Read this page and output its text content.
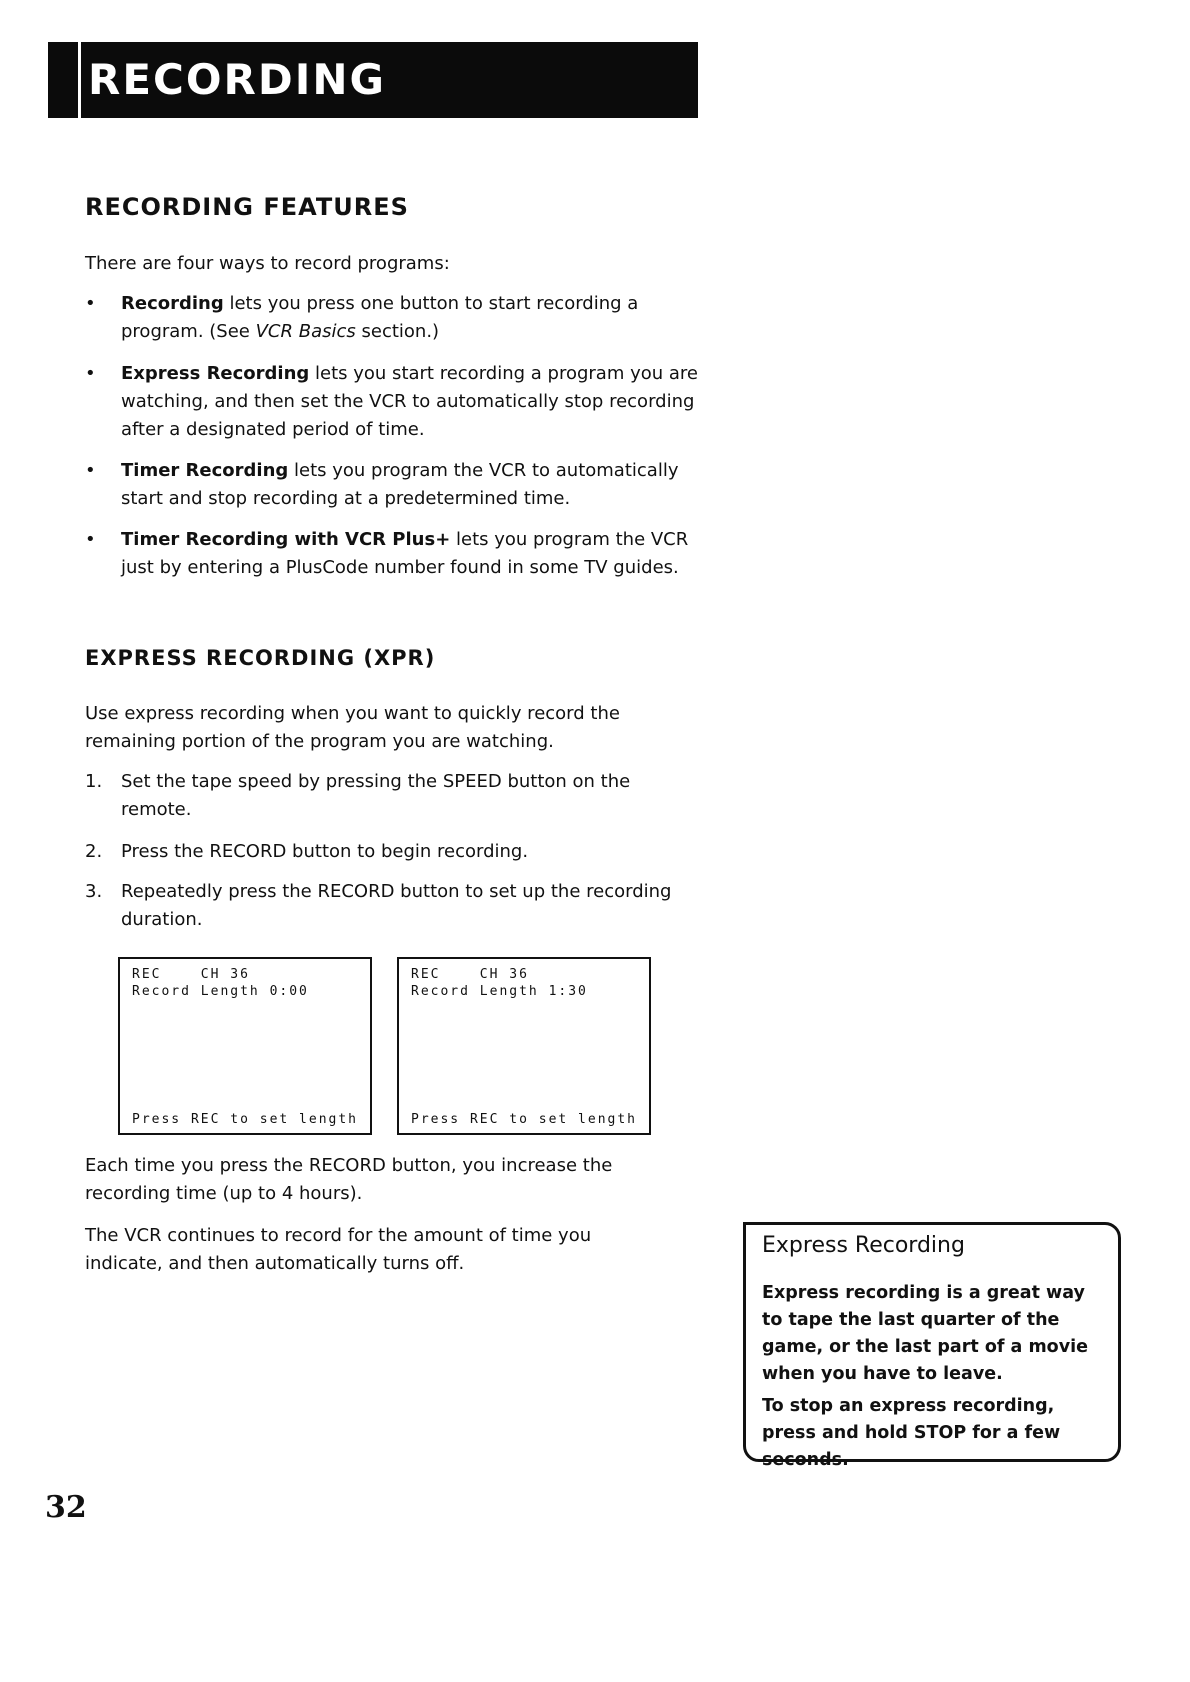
RECORDING
RECORDING FEATURES

There are four ways to record programs:

• Recording lets you press one button to start recording a program. (See VCR Basics section.)
• Express Recording lets you start recording a program you are watching, and then set the VCR to automatically stop recording after a designated period of time.
• Timer Recording lets you program the VCR to automatically start and stop recording at a predetermined time.
• Timer Recording with VCR Plus+ lets you program the VCR just by entering a PlusCode number found in some TV guides.
EXPRESS RECORDING (XPR)

Use express recording when you want to quickly record the remaining portion of the program you are watching.

1. Set the tape speed by pressing the SPEED button on the remote.
2. Press the RECORD button to begin recording.
3. Repeatedly press the RECORD button to set up the recording duration.
REC    CH 36
Record Length 0:00
Press REC to set length
REC    CH 36
Record Length 1:30
Press REC to set length

Each time you press the RECORD button, you increase the recording time (up to 4 hours).

The VCR continues to record for the amount of time you indicate, and then automatically turns off.

Express Recording
Express recording is a great way to tape the last quarter of the game, or the last part of a movie when you have to leave.
To stop an express recording, press and hold STOP for a few seconds.
32
